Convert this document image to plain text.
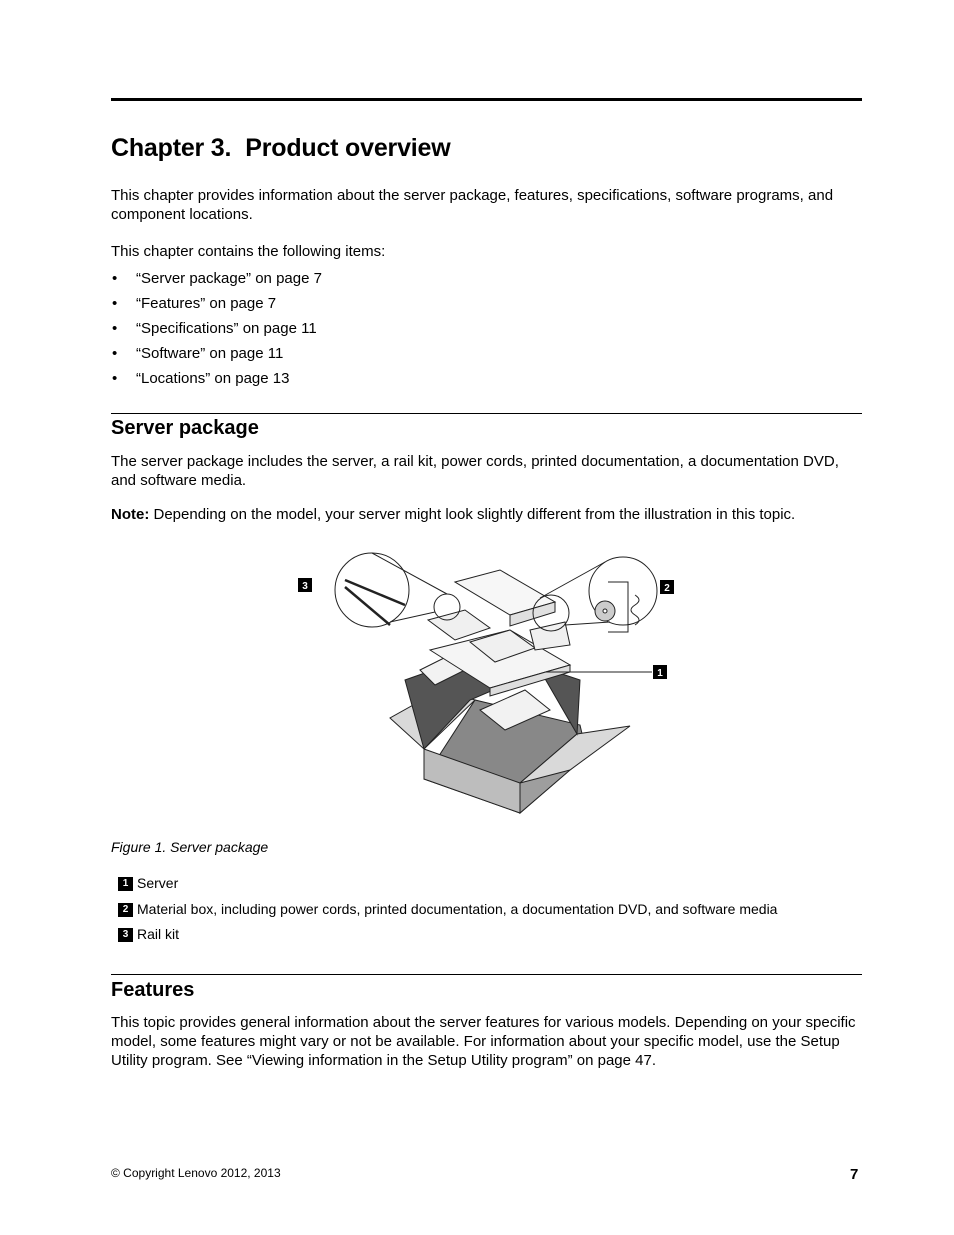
Chapter 3. Product overview

This chapter provides information about the server package, features, specifications, software programs, and component locations.

This chapter contains the following items:

• “Server package” on page 7
• “Features” on page 7
• “Specifications” on page 11
• “Software” on page 11
• “Locations” on page 13
Server package

The server package includes the server, a rail kit, power cords, printed documentation, a documentation DVD, and software media.

Note: Depending on the model, your server might look slightly different from the illustration in this topic.

3	2
1

Figure 1. Server package

1 Server
2 Material box, including power cords, printed documentation, a documentation DVD, and software media
3 Rail kit
Features

This topic provides general information about the server features for various models. Depending on your specific model, some features might vary or not be available. For information about your specific model, use the Setup Utility program. See “Viewing information in the Setup Utility program” on page 47.

© Copyright Lenovo 2012, 2013	7
